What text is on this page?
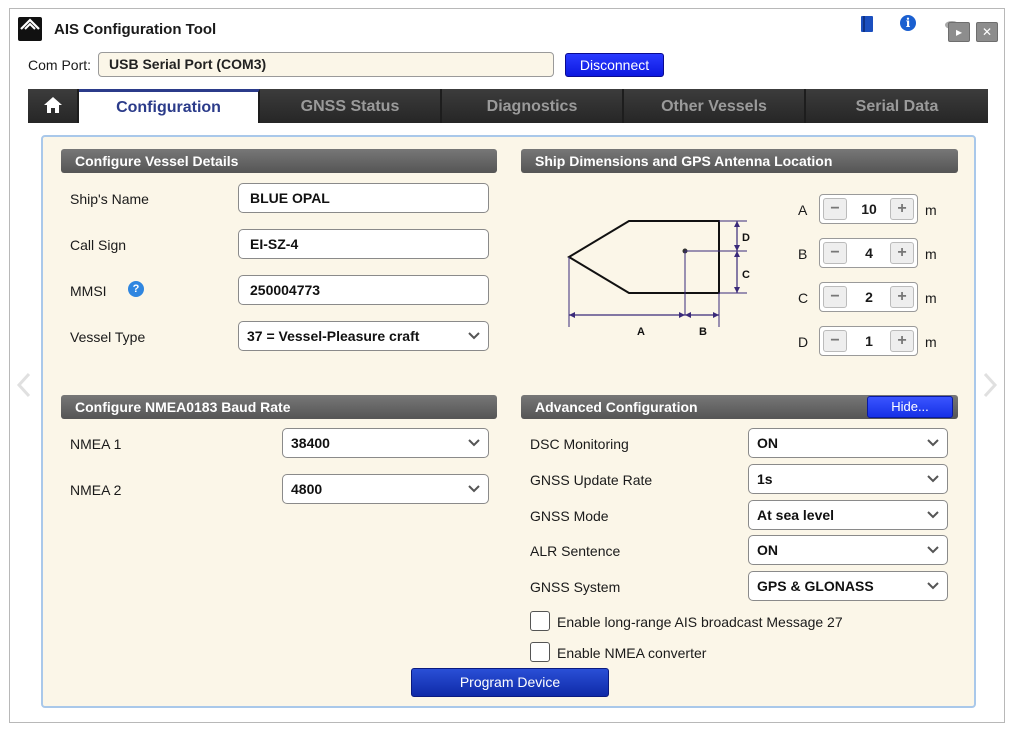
AIS Configuration Tool	i
▸	✕
Com Port:	USB Serial Port (COM3)	Disconnect
Configuration	GNSS Status	Diagnostics	Other Vessels	Serial Data
Configure Vessel Details
Ship's Name	BLUE OPAL
Call Sign	EI-SZ-4
MMSI	?	250004773
Vessel Type	37 = Vessel-Pleasure craft
Ship Dimensions and GPS Antenna Location
A	B
C
D
A	−	10	+	m
B	−	4	+	m
C	−	2	+	m
D	−	1	+	m
Configure NMEA0183 Baud Rate
NMEA 1	38400
NMEA 2	4800
Advanced Configuration	Hide...
DSC Monitoring	ON
GNSS Update Rate	1s
GNSS Mode	At sea level
ALR Sentence	ON
GNSS System	GPS & GLONASS
Enable long-range AIS broadcast Message 27
Enable NMEA converter
Program Device
